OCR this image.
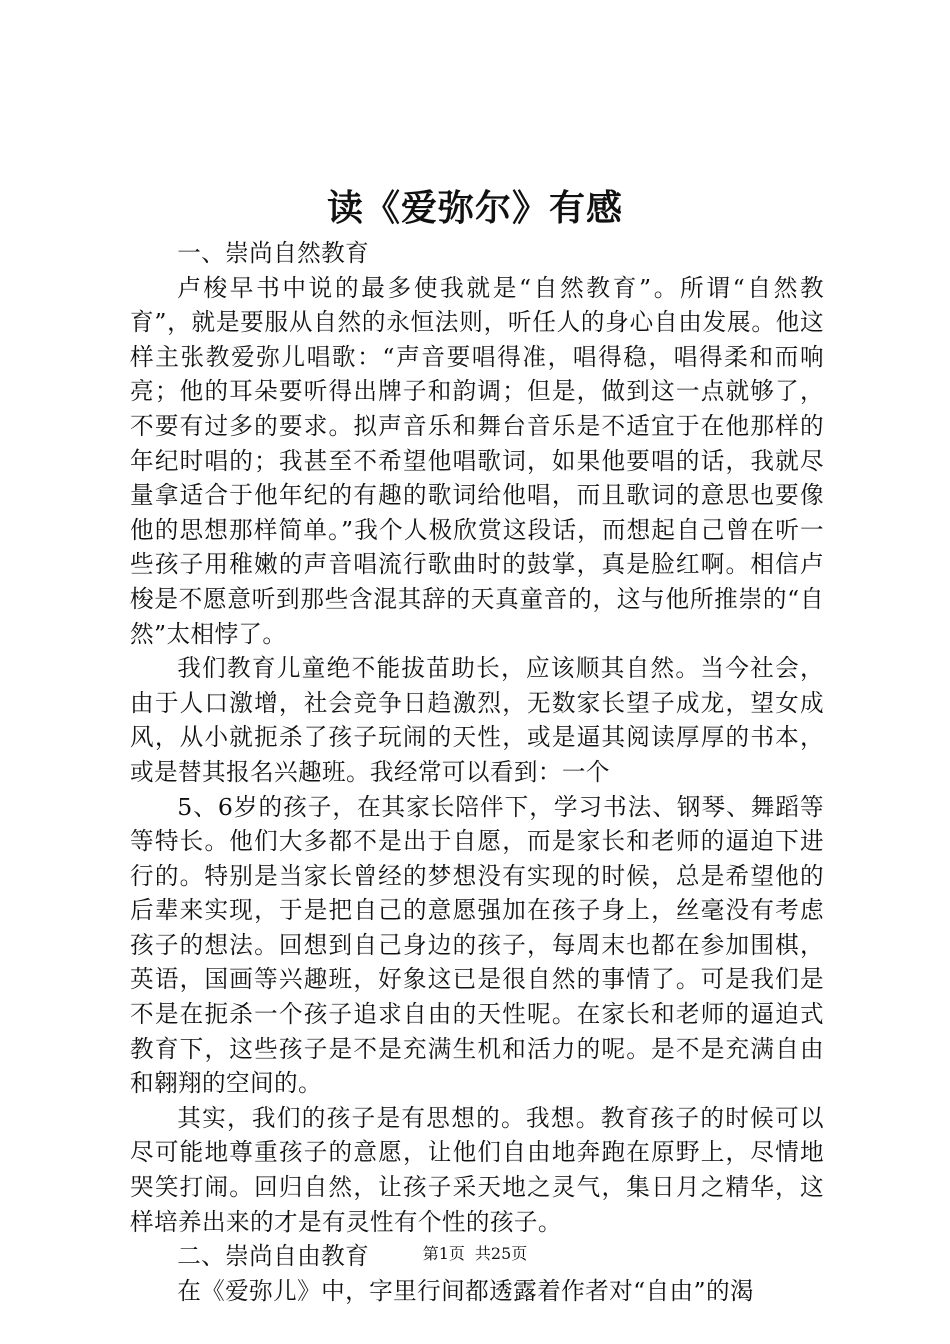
读《爱弥尔》有感

一、崇尚自然教育

卢梭早书中说的最多使我就是“自然教育”。所谓“自然教育”，就是要服从自然的永恒法则，听任人的身心自由发展。他这样主张教爱弥儿唱歌：“声音要唱得准，唱得稳，唱得柔和而响亮；他的耳朵要听得出牌子和韵调；但是，做到这一点就够了，不要有过多的要求。拟声音乐和舞台音乐是不适宜于在他那样的年纪时唱的；我甚至不希望他唱歌词，如果他要唱的话，我就尽量拿适合于他年纪的有趣的歌词给他唱，而且歌词的意思也要像他的思想那样简单。”我个人极欣赏这段话，而想起自己曾在听一些孩子用稚嫩的声音唱流行歌曲时的鼓掌，真是脸红啊。相信卢梭是不愿意听到那些含混其辞的天真童音的，这与他所推崇的“自然”太相悖了。

我们教育儿童绝不能拔苗助长，应该顺其自然。当今社会，由于人口激增，社会竞争日趋激烈，无数家长望子成龙，望女成风，从小就扼杀了孩子玩闹的天性，或是逼其阅读厚厚的书本，或是替其报名兴趣班。我经常可以看到：一个

5、6岁的孩子，在其家长陪伴下，学习书法、钢琴、舞蹈等等特长。他们大多都不是出于自愿，而是家长和老师的逼迫下进行的。特别是当家长曾经的梦想没有实现的时候，总是希望他的后辈来实现，于是把自己的意愿强加在孩子身上，丝毫没有考虑孩子的想法。回想到自己身边的孩子，每周末也都在参加围棋，英语，国画等兴趣班，好象这已是很自然的事情了。可是我们是不是在扼杀一个孩子追求自由的天性呢。在家长和老师的逼迫式教育下，这些孩子是不是充满生机和活力的呢。是不是充满自由和翱翔的空间的。

其实，我们的孩子是有思想的。我想。教育孩子的时候可以尽可能地尊重孩子的意愿，让他们自由地奔跑在原野上，尽情地哭笑打闹。回归自然，让孩子采天地之灵气，集日月之精华，这样培养出来的才是有灵性有个性的孩子。

二、崇尚自由教育

在《爱弥儿》中，字里行间都透露着作者对“自由”的渴

第1页 共25页
